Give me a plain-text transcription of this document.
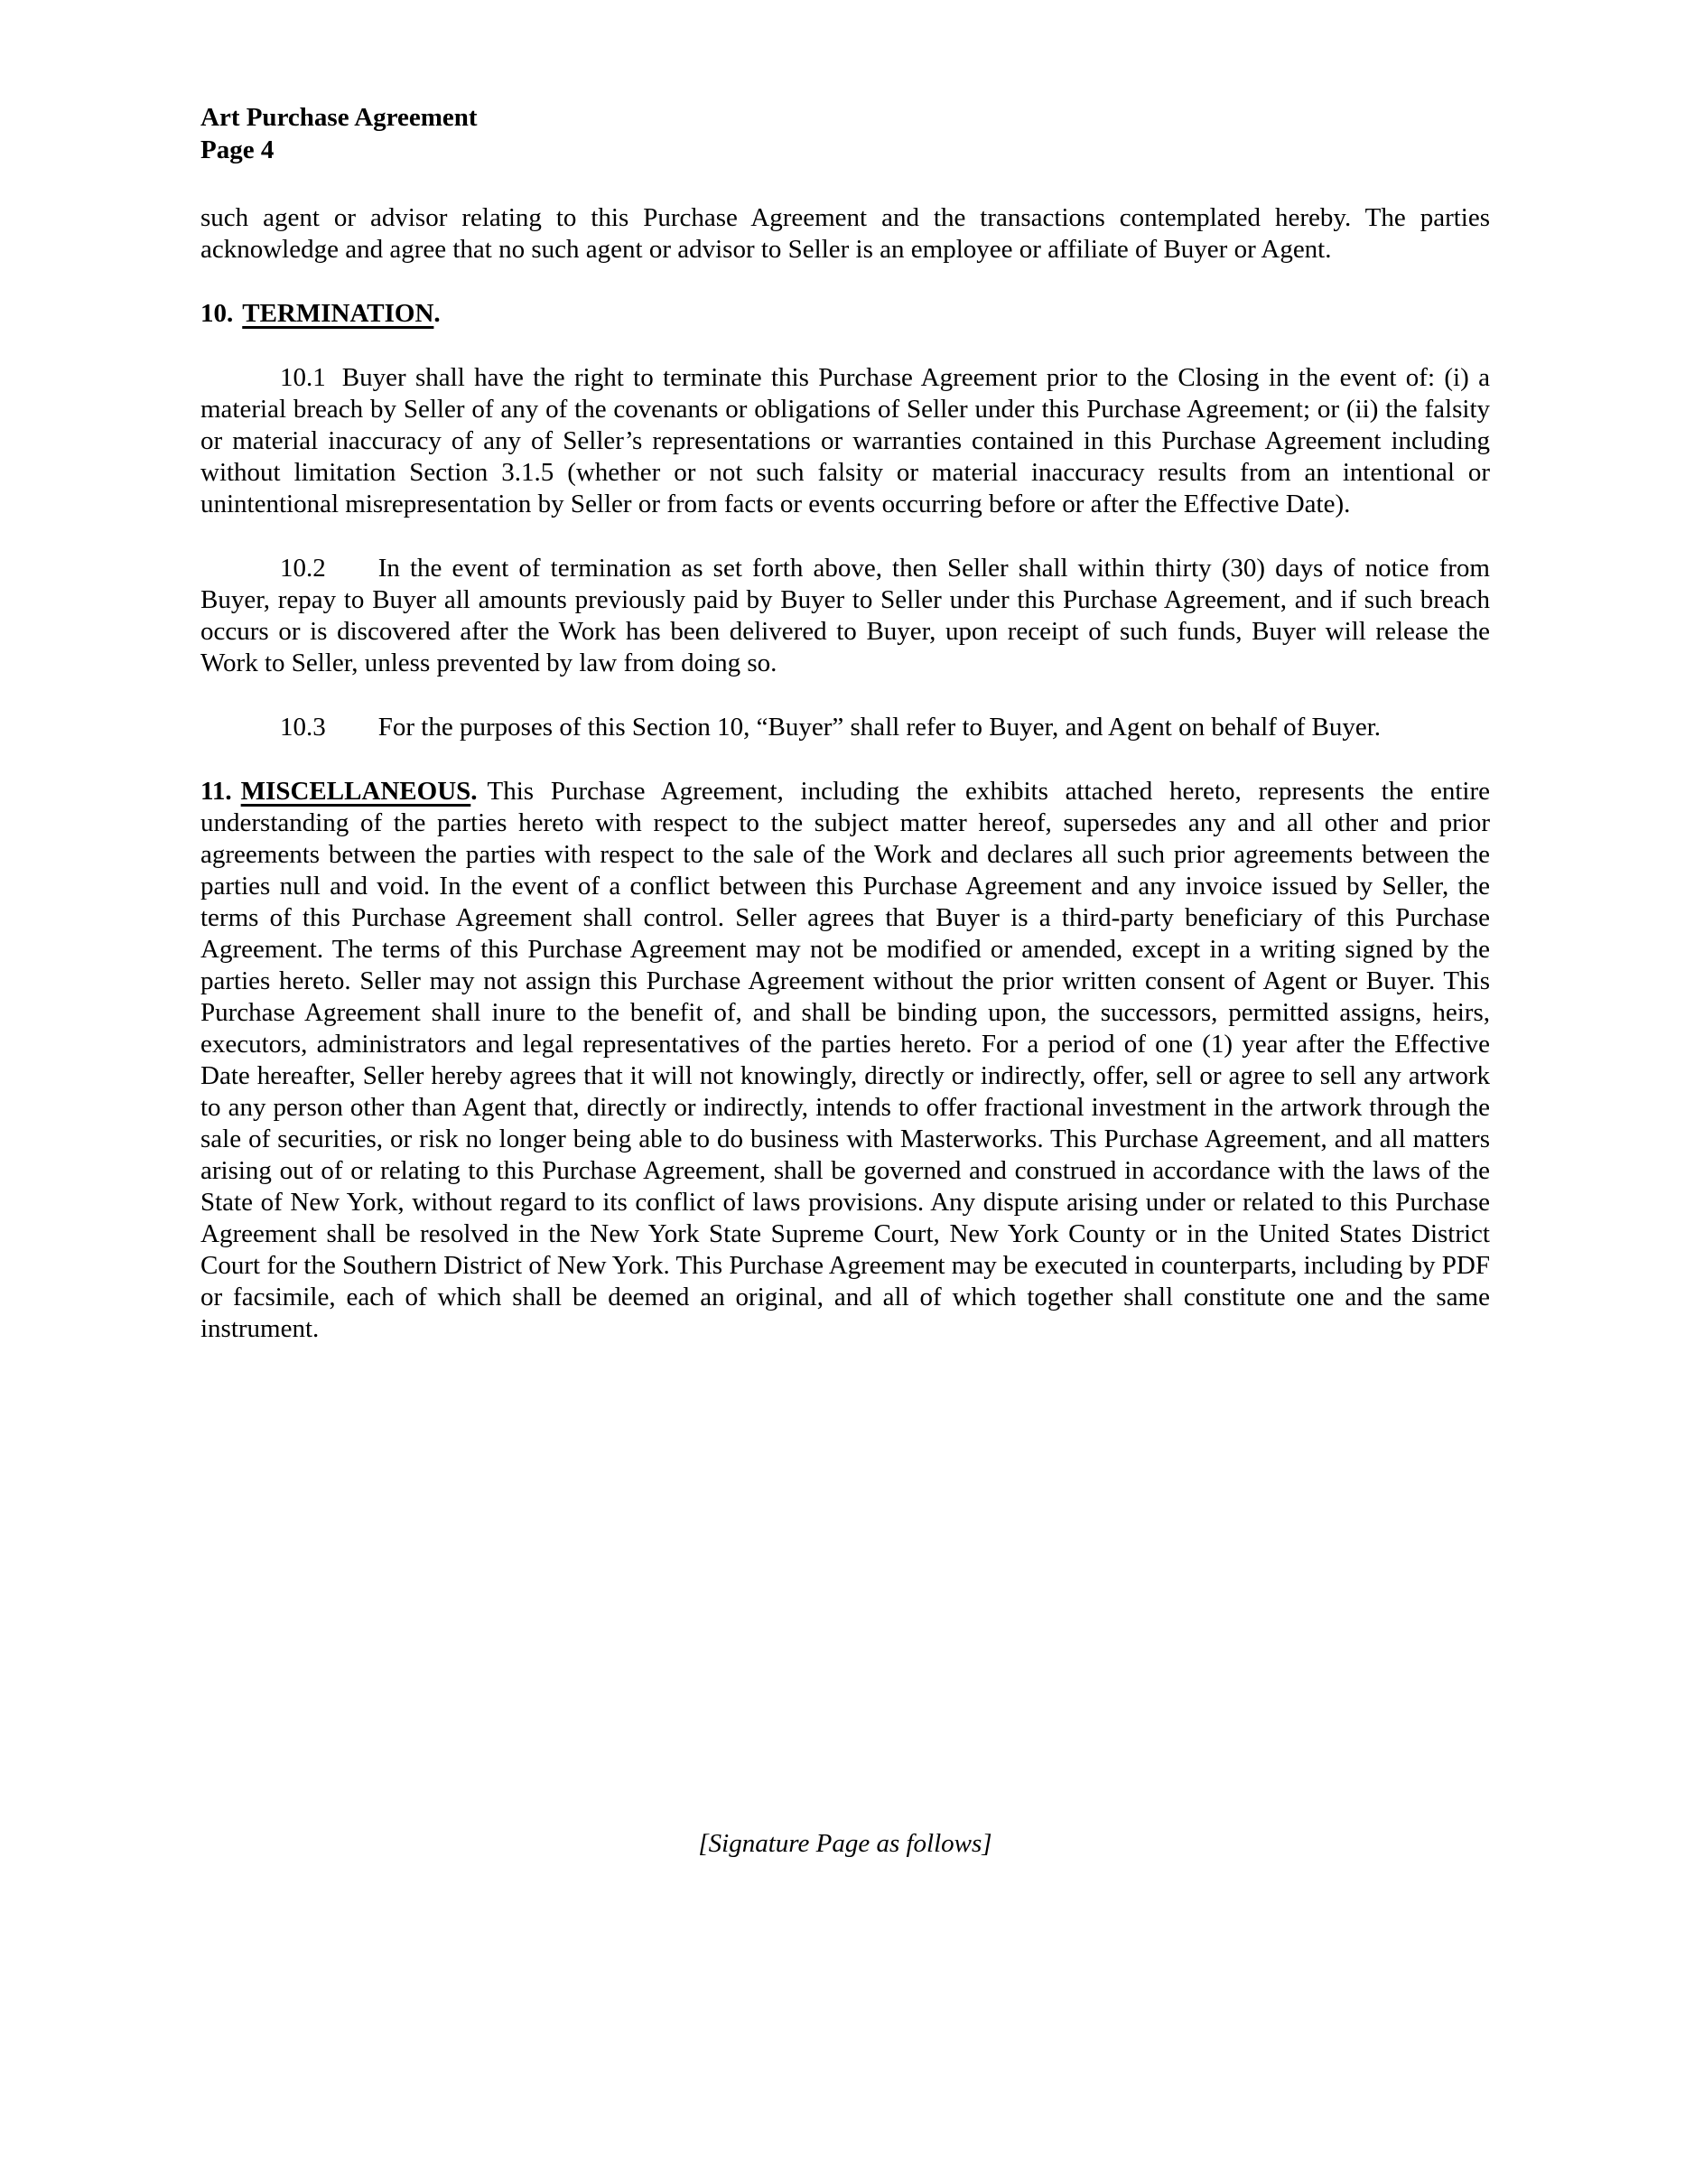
Art Purchase Agreement
Page 4

such agent or advisor relating to this Purchase Agreement and the transactions contemplated hereby. The parties acknowledge and agree that no such agent or advisor to Seller is an employee or affiliate of Buyer or Agent.

10. TERMINATION.

10.1 Buyer shall have the right to terminate this Purchase Agreement prior to the Closing in the event of: (i) a material breach by Seller of any of the covenants or obligations of Seller under this Purchase Agreement; or (ii) the falsity or material inaccuracy of any of Seller’s representations or warranties contained in this Purchase Agreement including without limitation Section 3.1.5 (whether or not such falsity or material inaccuracy results from an intentional or unintentional misrepresentation by Seller or from facts or events occurring before or after the Effective Date).

10.2 In the event of termination as set forth above, then Seller shall within thirty (30) days of notice from Buyer, repay to Buyer all amounts previously paid by Buyer to Seller under this Purchase Agreement, and if such breach occurs or is discovered after the Work has been delivered to Buyer, upon receipt of such funds, Buyer will release the Work to Seller, unless prevented by law from doing so.

10.3 For the purposes of this Section 10, “Buyer” shall refer to Buyer, and Agent on behalf of Buyer.

11. MISCELLANEOUS. This Purchase Agreement, including the exhibits attached hereto, represents the entire understanding of the parties hereto with respect to the subject matter hereof, supersedes any and all other and prior agreements between the parties with respect to the sale of the Work and declares all such prior agreements between the parties null and void. In the event of a conflict between this Purchase Agreement and any invoice issued by Seller, the terms of this Purchase Agreement shall control. Seller agrees that Buyer is a third-party beneficiary of this Purchase Agreement. The terms of this Purchase Agreement may not be modified or amended, except in a writing signed by the parties hereto. Seller may not assign this Purchase Agreement without the prior written consent of Agent or Buyer. This Purchase Agreement shall inure to the benefit of, and shall be binding upon, the successors, permitted assigns, heirs, executors, administrators and legal representatives of the parties hereto. For a period of one (1) year after the Effective Date hereafter, Seller hereby agrees that it will not knowingly, directly or indirectly, offer, sell or agree to sell any artwork to any person other than Agent that, directly or indirectly, intends to offer fractional investment in the artwork through the sale of securities, or risk no longer being able to do business with Masterworks. This Purchase Agreement, and all matters arising out of or relating to this Purchase Agreement, shall be governed and construed in accordance with the laws of the State of New York, without regard to its conflict of laws provisions. Any dispute arising under or related to this Purchase Agreement shall be resolved in the New York State Supreme Court, New York County or in the United States District Court for the Southern District of New York. This Purchase Agreement may be executed in counterparts, including by PDF or facsimile, each of which shall be deemed an original, and all of which together shall constitute one and the same instrument.

[Signature Page as follows]
